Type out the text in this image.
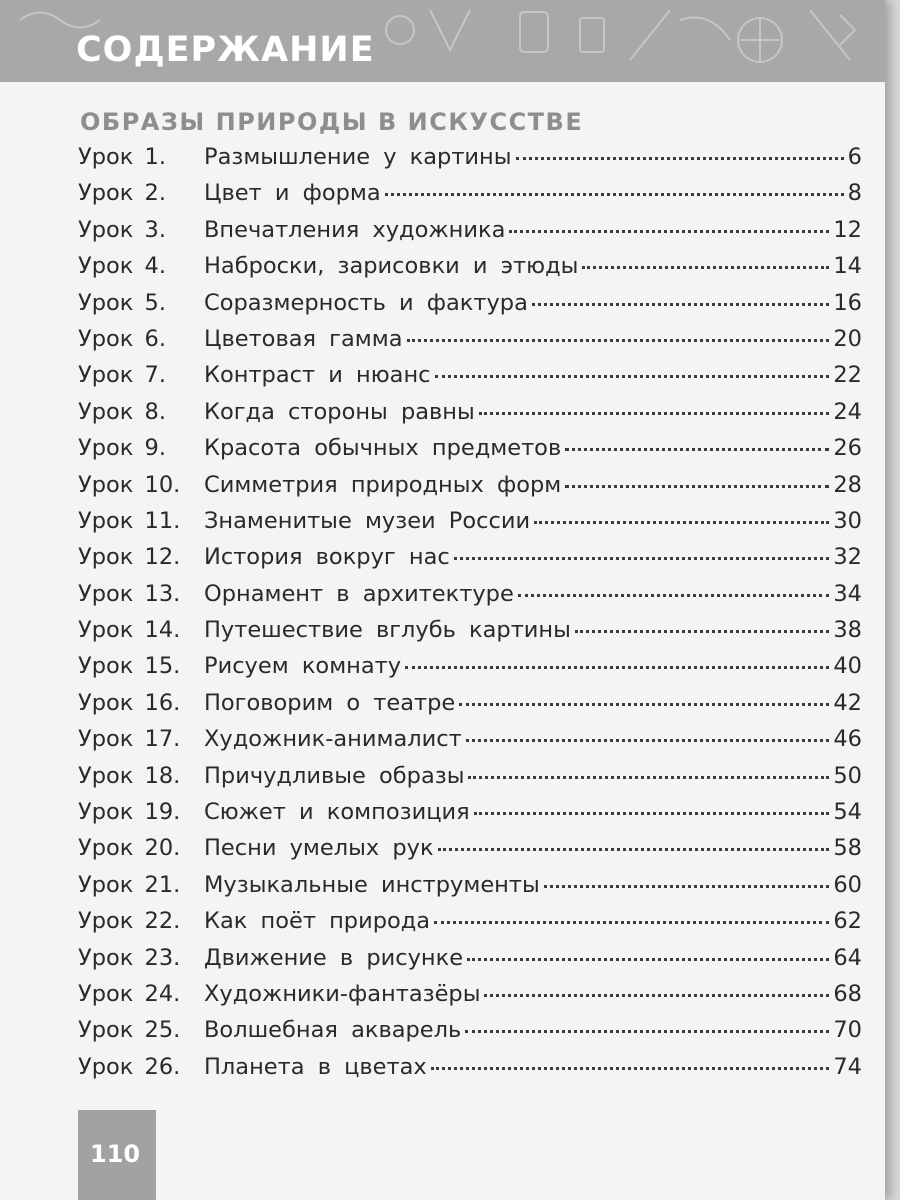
СОДЕРЖАНИЕ
ОБРАЗЫ ПРИРОДЫ В ИСКУССТВЕ
Урок 1.	Размышление у картины	6
Урок 2.	Цвет и форма	8
Урок 3.	Впечатления художника	12
Урок 4.	Наброски, зарисовки и этюды	14
Урок 5.	Соразмерность и фактура	16
Урок 6.	Цветовая гамма	20
Урок 7.	Контраст и нюанс	22
Урок 8.	Когда стороны равны	24
Урок 9.	Красота обычных предметов	26
Урок 10.	Симметрия природных форм	28
Урок 11.	Знаменитые музеи России	30
Урок 12.	История вокруг нас	32
Урок 13.	Орнамент в архитектуре	34
Урок 14.	Путешествие вглубь картины	38
Урок 15.	Рисуем комнату	40
Урок 16.	Поговорим о театре	42
Урок 17.	Художник-анималист	46
Урок 18.	Причудливые образы	50
Урок 19.	Сюжет и композиция	54
Урок 20.	Песни умелых рук	58
Урок 21.	Музыкальные инструменты	60
Урок 22.	Как поёт природа	62
Урок 23.	Движение в рисунке	64
Урок 24.	Художники-фантазёры	68
Урок 25.	Волшебная акварель	70
Урок 26.	Планета в цветах	74
110
